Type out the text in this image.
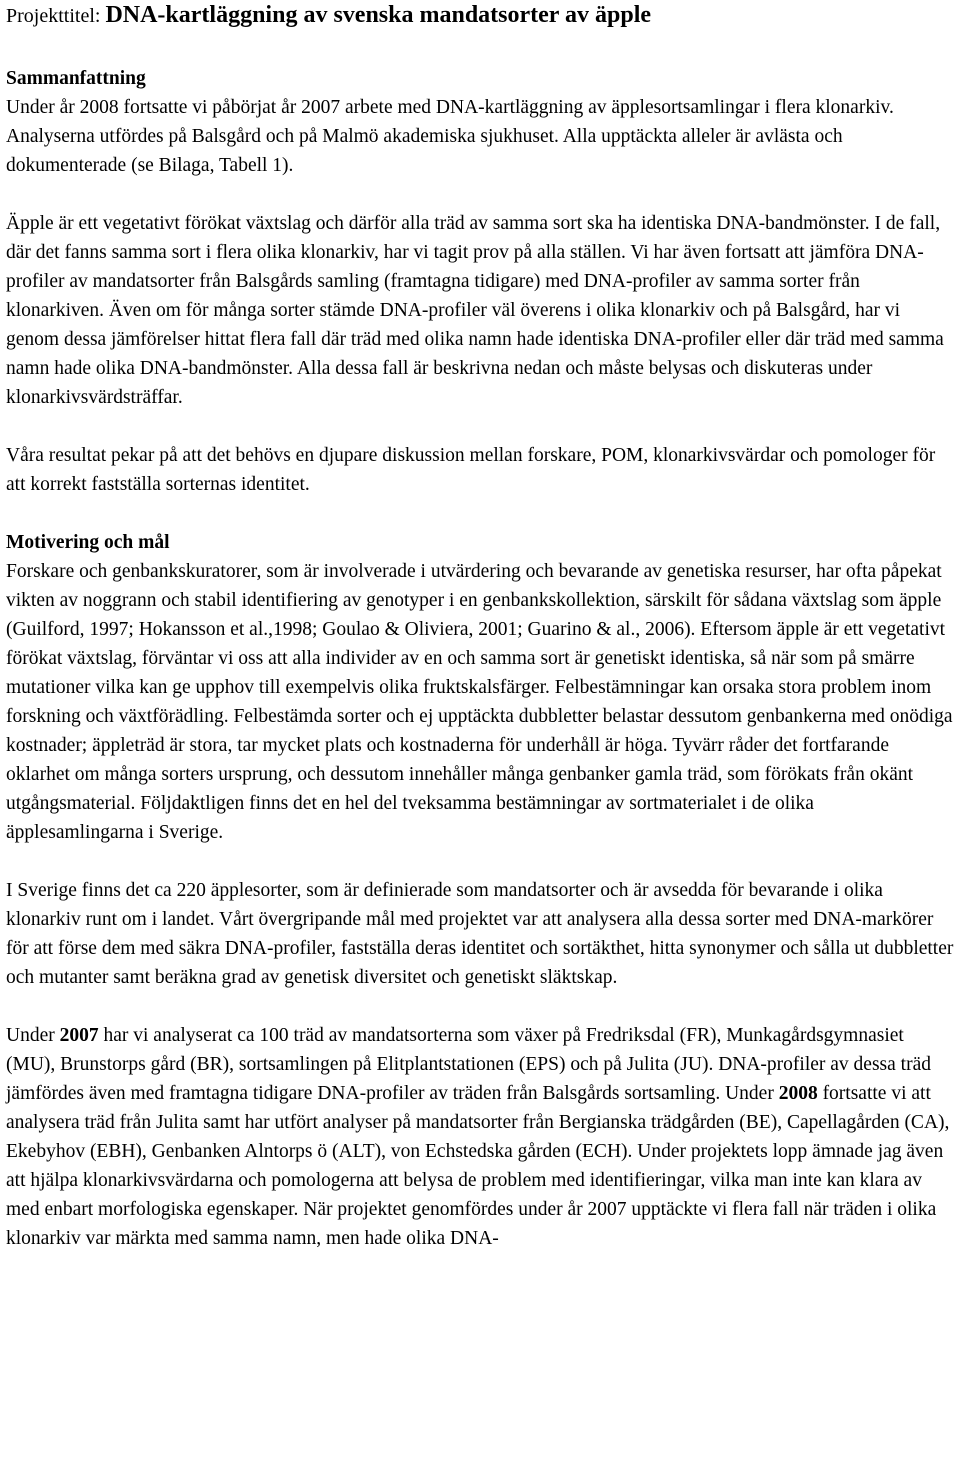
Projekttitel: DNA-kartläggning av svenska mandatsorter av äpple

Sammanfattning

Under år 2008 fortsatte vi påbörjat år 2007 arbete med DNA-kartläggning av äpplesortsamlingar i flera klonarkiv. Analyserna utfördes på Balsgård och på Malmö akademiska sjukhuset. Alla upptäckta alleler är avlästa och dokumenterade (se Bilaga, Tabell 1).

Äpple är ett vegetativt förökat växtslag och därför alla träd av samma sort ska ha identiska DNA-bandmönster. I de fall, där det fanns samma sort i flera olika klonarkiv, har vi tagit prov på alla ställen. Vi har även fortsatt att jämföra DNA-profiler av mandatsorter från Balsgårds samling (framtagna tidigare) med DNA-profiler av samma sorter från klonarkiven. Även om för många sorter stämde DNA-profiler väl överens i olika klonarkiv och på Balsgård, har vi genom dessa jämförelser hittat flera fall där träd med olika namn hade identiska DNA-profiler eller där träd med samma namn hade olika DNA-bandmönster. Alla dessa fall är beskrivna nedan och måste belysas och diskuteras under klonarkivsvärdsträffar.

Våra resultat pekar på att det behövs en djupare diskussion mellan forskare, POM, klonarkivsvärdar och pomologer för att korrekt fastställa sorternas identitet.

Motivering och mål

Forskare och genbankskuratorer, som är involverade i utvärdering och bevarande av genetiska resurser, har ofta påpekat vikten av noggrann och stabil identifiering av genotyper i en genbankskollektion, särskilt för sådana växtslag som äpple (Guilford, 1997; Hokansson et al.,1998; Goulao & Oliviera, 2001; Guarino & al., 2006). Eftersom äpple är ett vegetativt förökat växtslag, förväntar vi oss att alla individer av en och samma sort är genetiskt identiska, så när som på smärre mutationer vilka kan ge upphov till exempelvis olika fruktskalsfärger. Felbestämningar kan orsaka stora problem inom forskning och växtförädling. Felbestämda sorter och ej upptäckta dubbletter belastar dessutom genbankerna med onödiga kostnader; äppleträd är stora, tar mycket plats och kostnaderna för underhåll är höga. Tyvärr råder det fortfarande oklarhet om många sorters ursprung, och dessutom innehåller många genbanker gamla träd, som förökats från okänt utgångsmaterial. Följdaktligen finns det en hel del tveksamma bestämningar av sortmaterialet i de olika äpplesamlingarna i Sverige.

I Sverige finns det ca 220 äpplesorter, som är definierade som mandatsorter och är avsedda för bevarande i olika klonarkiv runt om i landet. Vårt övergripande mål med projektet var att analysera alla dessa sorter med DNA-markörer för att förse dem med säkra DNA-profiler, fastställa deras identitet och sortäkthet, hitta synonymer och sålla ut dubbletter och mutanter samt beräkna grad av genetisk diversitet och genetiskt släktskap.

Under 2007 har vi analyserat ca 100 träd av mandatsorterna som växer på Fredriksdal (FR), Munkagårdsgymnasiet (MU), Brunstorps gård (BR), sortsamlingen på Elitplantstationen (EPS) och på Julita (JU). DNA-profiler av dessa träd jämfördes även med framtagna tidigare DNA-profiler av träden från Balsgårds sortsamling. Under 2008 fortsatte vi att analysera träd från Julita samt har utfört analyser på mandatsorter från Bergianska trädgården (BE), Capellagården (CA), Ekebyhov (EBH), Genbanken Alntorps ö (ALT), von Echstedska gården (ECH). Under projektets lopp ämnade jag även att hjälpa klonarkivsvärdarna och pomologerna att belysa de problem med identifieringar, vilka man inte kan klara av med enbart morfologiska egenskaper. När projektet genomfördes under år 2007 upptäckte vi flera fall när träden i olika klonarkiv var märkta med samma namn, men hade olika DNA-
